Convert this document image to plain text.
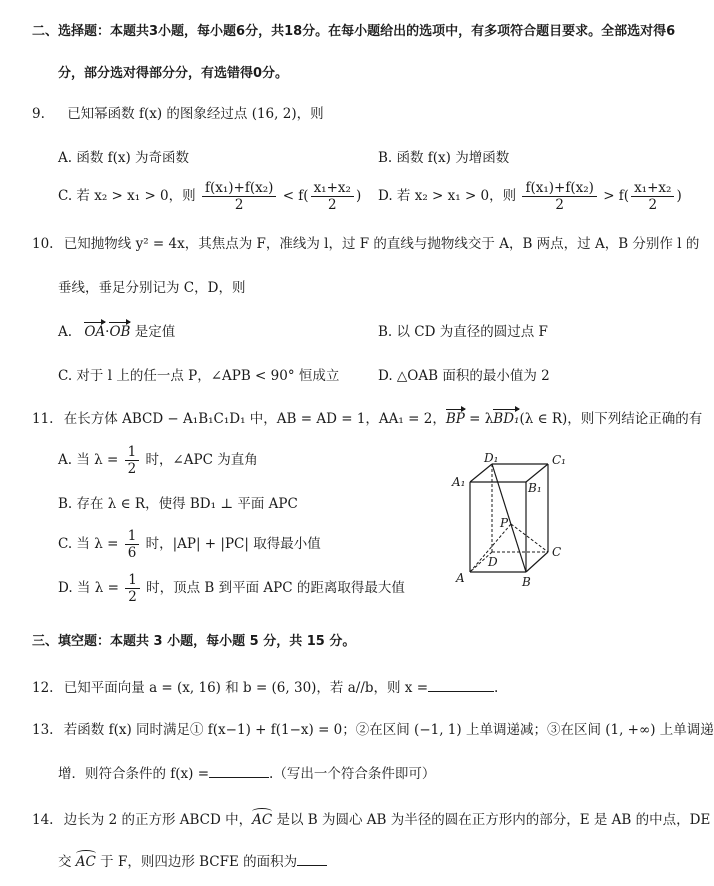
二、选择题：本题共3小题，每小题6分，共18分。在每小题给出的选项中，有多项符合题目要求。全部选对得6
分，部分选对得部分分，有选错得0分。
9. 已知幂函数 f(x) 的图象经过点 (16, 2)，则
A. 函数 f(x) 为奇函数	B. 函数 f(x) 为增函数
C. 若 x₂ > x₁ > 0，则 $\frac{\text{f(x₁)+f(x₂)}}{2} < f( \frac{\text{x₁+x₂}}{2}$ ) D. 若 x₂ > x₁ > 0，则 $\frac{\text{f(x₁)+f(x₂)}}{2} > f( \frac{\text{x₁+x₂}}{2}$ )
10. 已知抛物线 y² = 4x，其焦点为 F，准线为 l，过 F 的直线与抛物线交于 A，B 两点，过 A，B 分别作 l 的
垂线，垂足分别记为 C，D，则
A. OA·OB 是定值	B. 以 CD 为直径的圆过点 F
C. 对于 l 上的任一点 P，∠APB < 90° 恒成立	D. △OAB 面积的最小值为 2
11. 在长方体 ABCD − A₁B₁C₁D₁ 中，AB = AD = 1，AA₁ = 2，BP = λBD₁(λ ∈ R)，则下列结论正确的有
A. 当 $\lambda = \frac{1}{2}$ 时，∠APC 为直角
B. 存在 λ ∈ R，使得 BD₁ ⊥ 平面 APC
C. 当 $\lambda = \frac{1}{6}$ 时，|AP| + |PC| 取得最小值
D. 当 $\lambda = \frac{1}{2}$ 时，顶点 B 到平面 APC 的距离取得最大值
D₁	C₁
A₁	B₁
P
D
C
A	B
三、填空题：本题共 3 小题，每小题 5 分，共 15 分。
12. 已知平面向量 a = (x, 16) 和 b = (6, 30)，若 a//b，则 x =	.
13. 若函数 f(x) 同时满足① f(x−1) + f(1−x) = 0；②在区间 (−1, 1) 上单调递减；③在区间 (1, +∞) 上单调递
增．则符合条件的 f(x) =	.（写出一个符合条件即可）
14. 边长为 2 的正方形 ABCD 中，AC 是以 B 为圆心 AB 为半径的圆在正方形内的部分，E 是 AB 的中点，DE
交 AC 于 F，则四边形 BCFE 的面积为
